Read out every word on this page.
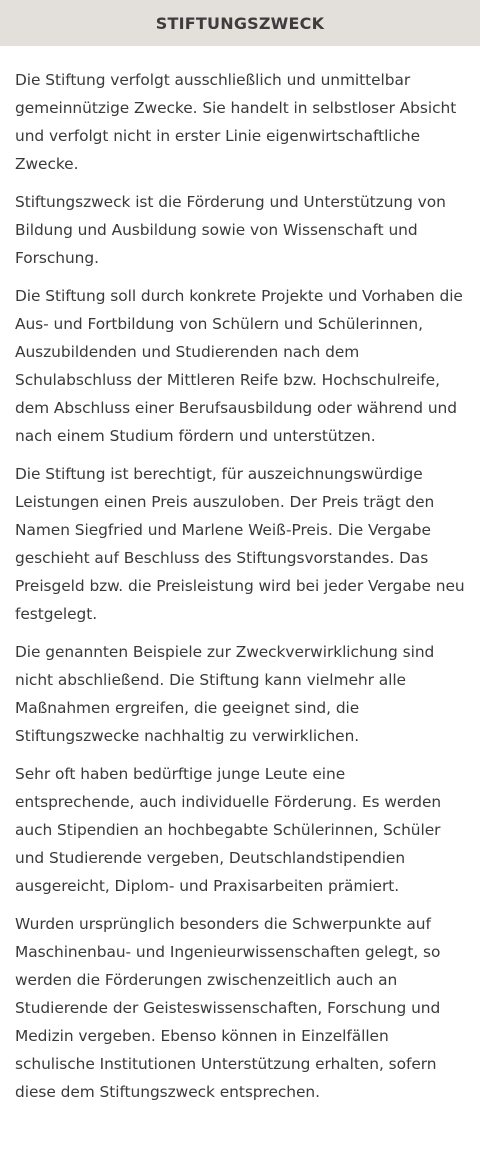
STIFTUNGSZWECK

Die Stiftung verfolgt ausschließlich und unmittelbar gemeinnützige Zwecke. Sie handelt in selbstloser Absicht und verfolgt nicht in erster Linie eigenwirtschaftliche Zwecke.

Stiftungszweck ist die Förderung und Unterstützung von Bildung und Ausbildung sowie von Wissenschaft und Forschung.

Die Stiftung soll durch konkrete Projekte und Vorhaben die Aus- und Fortbildung von Schülern und Schülerinnen, Auszubildenden und Studierenden nach dem Schulabschluss der Mittleren Reife bzw. Hochschulreife, dem Abschluss einer Berufsausbildung oder während und nach einem Studium fördern und unterstützen.

Die Stiftung ist berechtigt, für auszeichnungswürdige Leistungen einen Preis auszuloben. Der Preis trägt den Namen Siegfried und Marlene Weiß-Preis. Die Vergabe geschieht auf Beschluss des Stiftungsvorstandes. Das Preisgeld bzw. die Preisleistung wird bei jeder Vergabe neu festgelegt.

Die genannten Beispiele zur Zweckverwirklichung sind nicht abschließend. Die Stiftung kann vielmehr alle Maßnahmen ergreifen, die geeignet sind, die Stiftungszwecke nachhaltig zu verwirklichen.

Sehr oft haben bedürftige junge Leute eine entsprechende, auch individuelle Förderung. Es werden auch Stipendien an hochbegabte Schülerinnen, Schüler und Studierende vergeben, Deutschlandstipendien ausgereicht, Diplom- und Praxisarbeiten prämiert.

Wurden ursprünglich besonders die Schwerpunkte auf Maschinenbau- und Ingenieurwissenschaften gelegt, so werden die Förderungen zwischenzeitlich auch an Studierende der Geisteswissenschaften, Forschung und Medizin vergeben. Ebenso können in Einzelfällen schulische Institutionen Unterstützung erhalten, sofern diese dem Stiftungszweck entsprechen.
